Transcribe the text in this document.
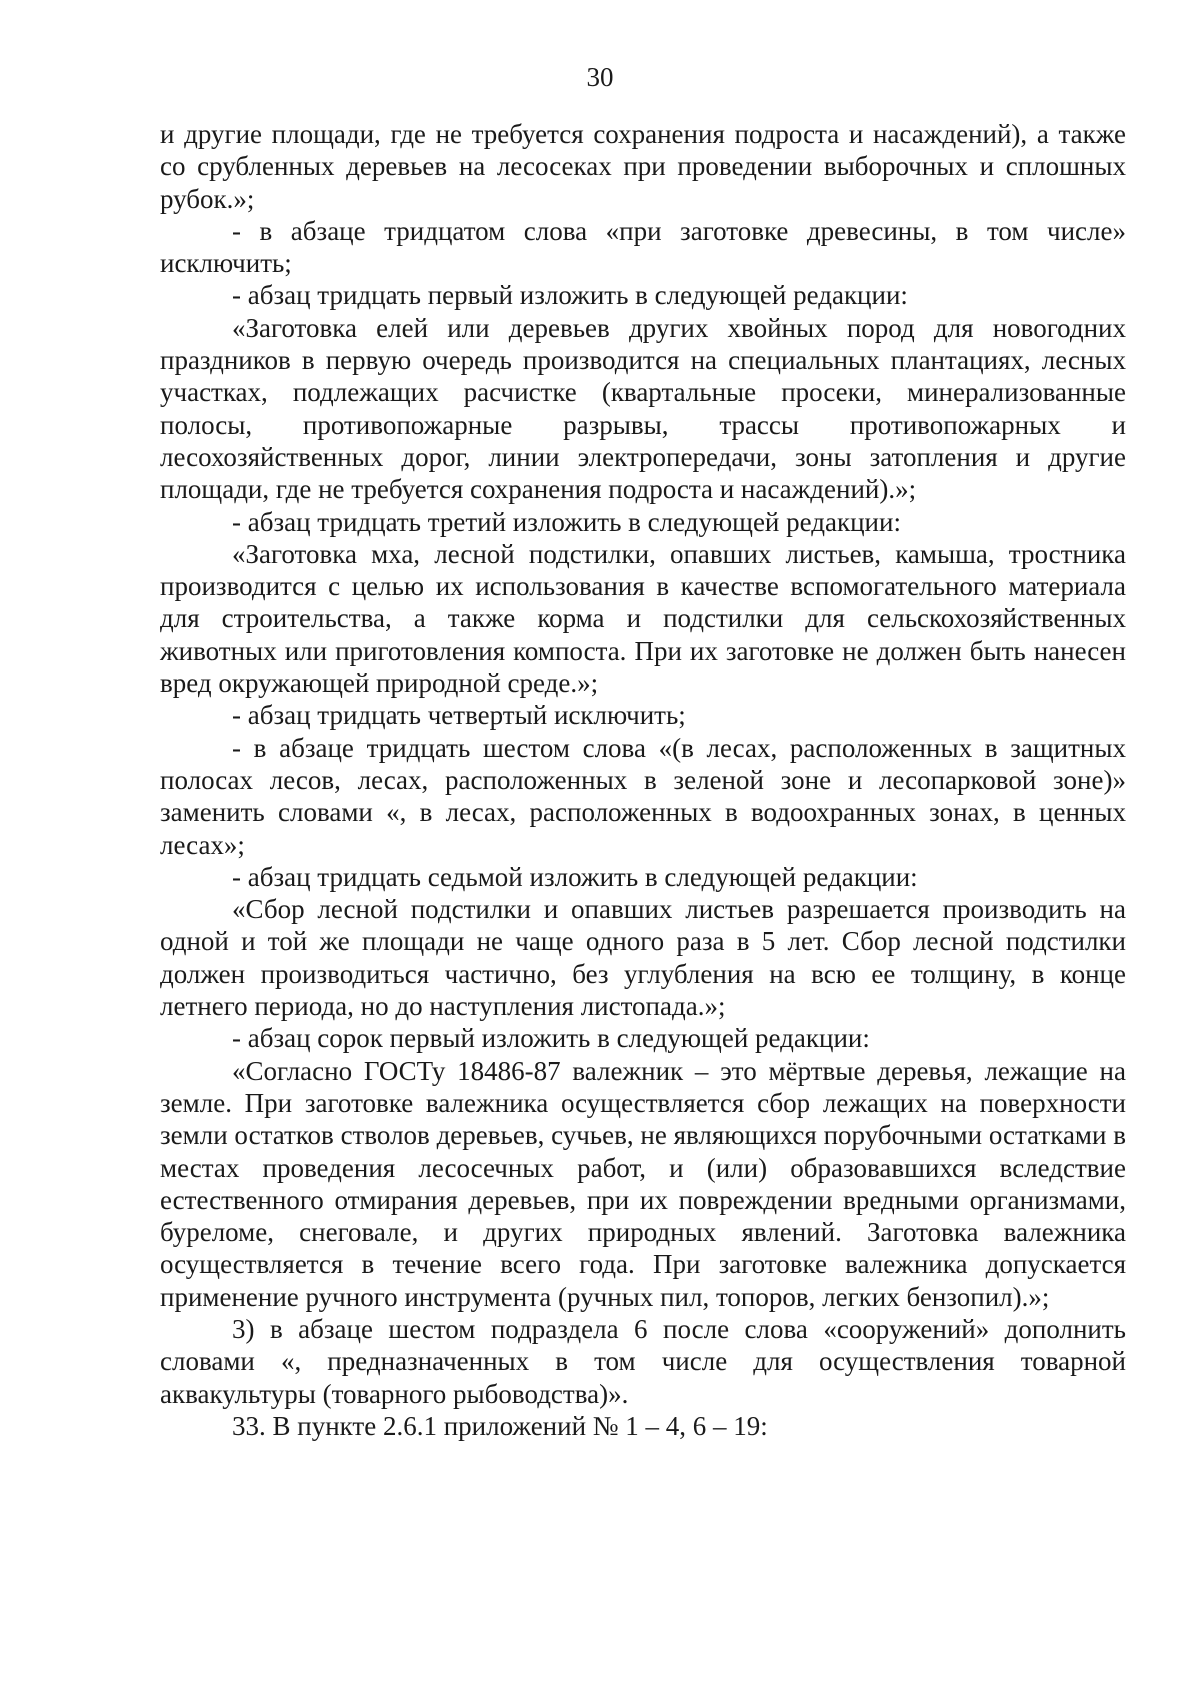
30

и другие площади, где не требуется сохранения подроста и насаждений), а также со срубленных деревьев на лесосеках при проведении выборочных и сплошных рубок.»;

- в абзаце тридцатом слова «при заготовке древесины, в том числе» исключить;

- абзац тридцать первый изложить в следующей редакции:

«Заготовка елей или деревьев других хвойных пород для новогодних праздников в первую очередь производится на специальных плантациях, лесных участках, подлежащих расчистке (квартальные просеки, минерализованные полосы, противопожарные разрывы, трассы противопожарных и лесохозяйственных дорог, линии электропередачи, зоны затопления и другие площади, где не требуется сохранения подроста и насаждений).»;

- абзац тридцать третий изложить в следующей редакции:

«Заготовка мха, лесной подстилки, опавших листьев, камыша, тростника производится с целью их использования в качестве вспомогательного материала для строительства, а также корма и подстилки для сельскохозяйственных животных или приготовления компоста. При их заготовке не должен быть нанесен вред окружающей природной среде.»;

- абзац тридцать четвертый исключить;

- в абзаце тридцать шестом слова «(в лесах, расположенных в защитных полосах лесов, лесах, расположенных в зеленой зоне и лесопарковой зоне)» заменить словами «, в лесах, расположенных в водоохранных зонах, в ценных лесах»;

- абзац тридцать седьмой изложить в следующей редакции:

«Сбор лесной подстилки и опавших листьев разрешается производить на одной и той же площади не чаще одного раза в 5 лет. Сбор лесной подстилки должен производиться частично, без углубления на всю ее толщину, в конце летнего периода, но до наступления листопада.»;

- абзац сорок первый изложить в следующей редакции:

«Согласно ГОСТу 18486-87 валежник – это мёртвые деревья, лежащие на земле. При заготовке валежника осуществляется сбор лежащих на поверхности земли остатков стволов деревьев, сучьев, не являющихся порубочными остатками в местах проведения лесосечных работ, и (или) образовавшихся вследствие естественного отмирания деревьев, при их повреждении вредными организмами, буреломе, снеговале, и других природных явлений. Заготовка валежника осуществляется в течение всего года. При заготовке валежника допускается применение ручного инструмента (ручных пил, топоров, легких бензопил).»;

3) в абзаце шестом подраздела 6 после слова «сооружений» дополнить словами «, предназначенных в том числе для осуществления товарной аквакультуры (товарного рыбоводства)».

33. В пункте 2.6.1 приложений № 1 – 4, 6 – 19:
